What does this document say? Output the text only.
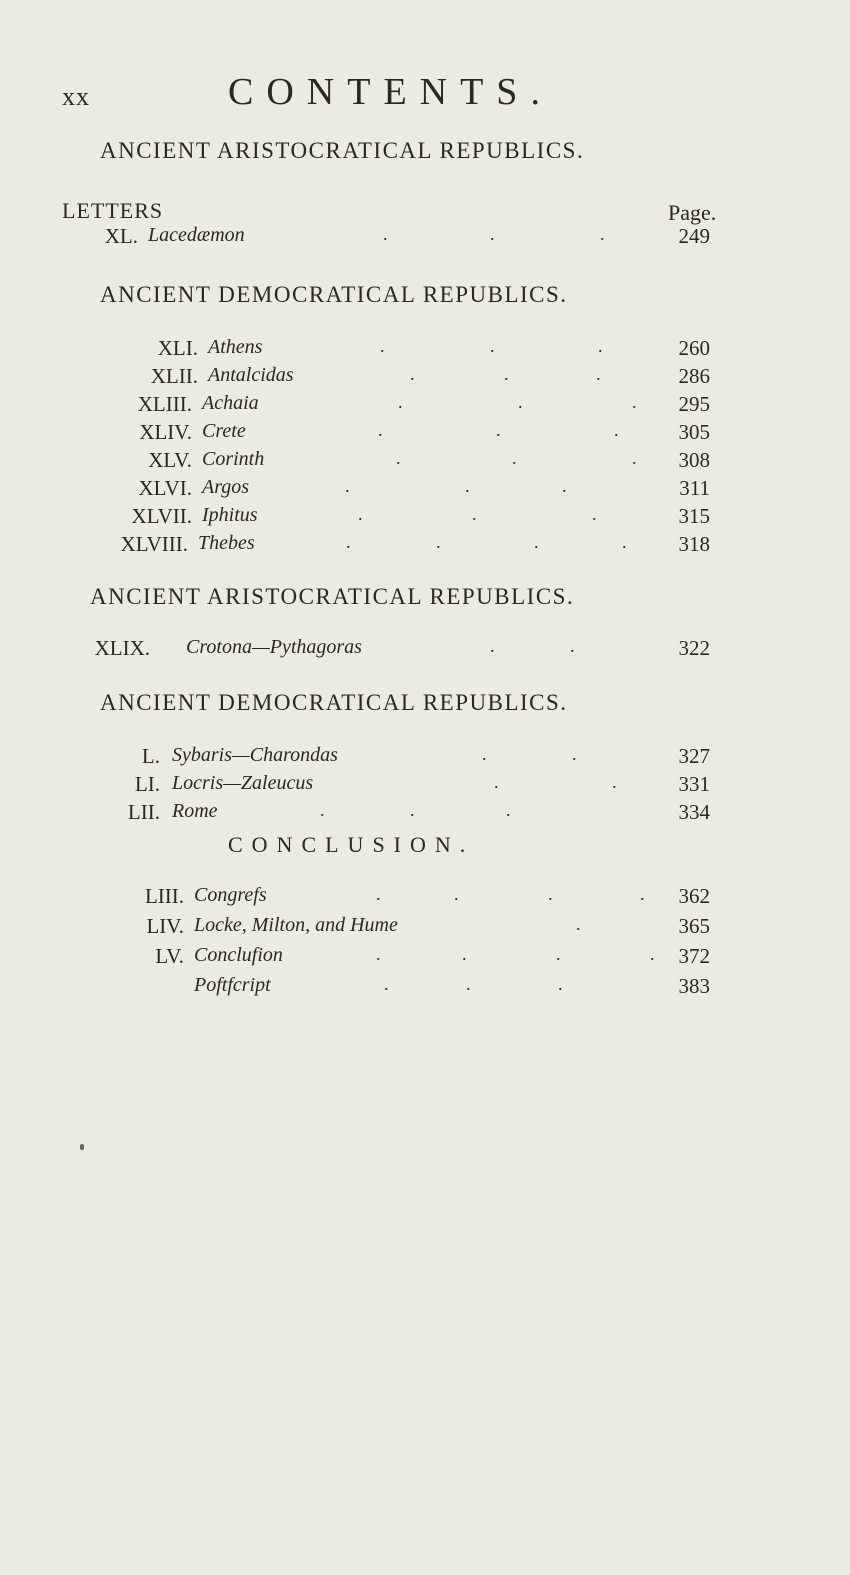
xx	CONTENTS.
ANCIENT ARISTOCRATICAL REPUBLICS.
LETTERS	Page.
XL. Lacedæmon	.	.	.	249
ANCIENT DEMOCRATICAL REPUBLICS.
XLI. Athens	.	.	.	260
XLII. Antalcidas	.	.	.	286
XLIII. Achaia	.	.	.	295
XLIV. Crete	.	.	.	305
XLV. Corinth	.	.	.	308
XLVI. Argos	.	.	.	311
XLVII. Iphitus	.	.	.	315
XLVIII. Thebes	.	.	.	.	318
ANCIENT ARISTOCRATICAL REPUBLICS.
XLIX. Crotona—Pythagoras	.	.	322
ANCIENT DEMOCRATICAL REPUBLICS.
L. Sybaris—Charondas	.	.	327
LI. Locris—Zaleucus	.	.	331
LII. Rome	.	.	.	334
CONCLUSION.
LIII. Congrefs	.	.	.	.	362
LIV. Locke, Milton, and Hume	.	365
LV. Conclufion	.	.	.	.	372
Poftfcript	.	.	.	383
